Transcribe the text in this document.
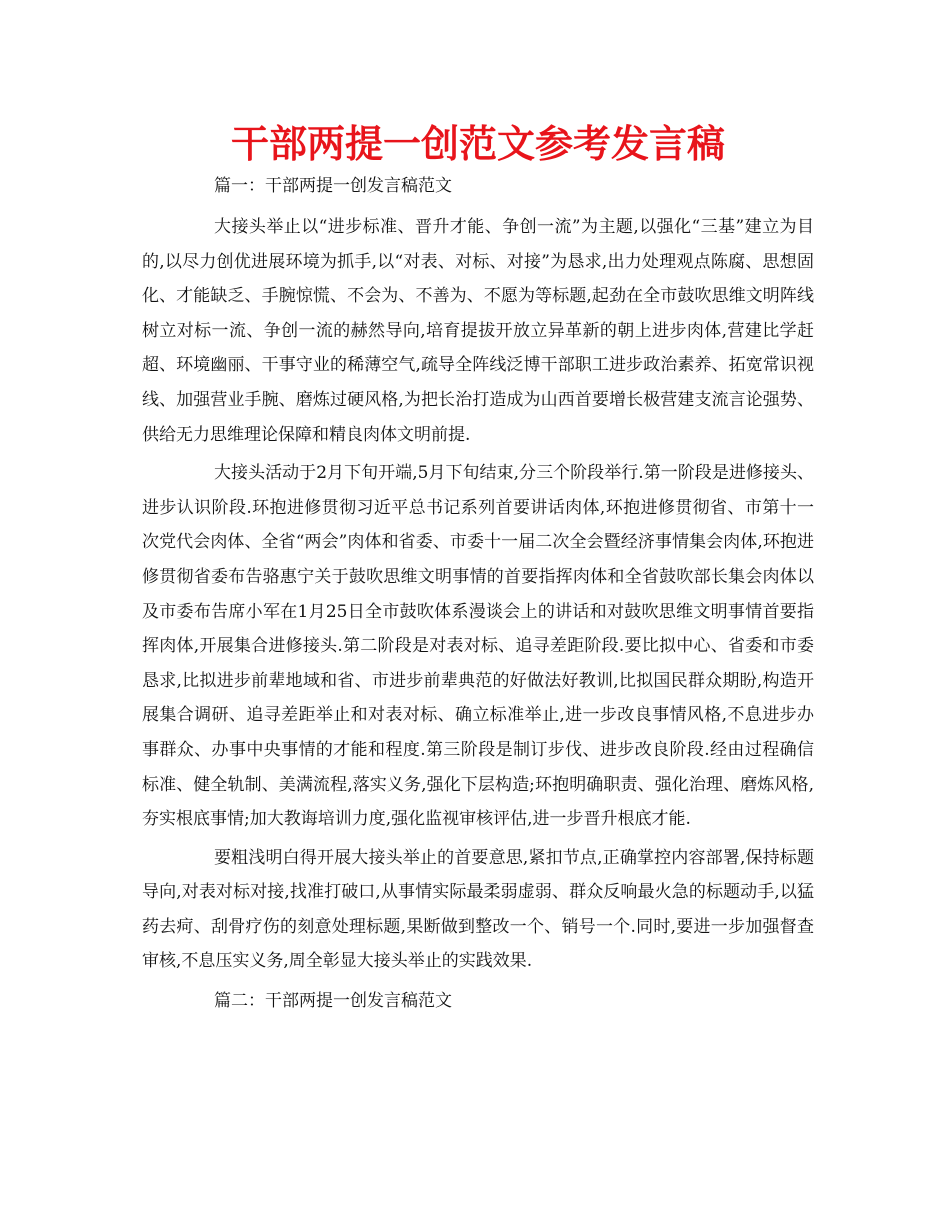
干部两提一创范文参考发言稿

篇一：干部两提一创发言稿范文

大接头举止以“进步标准、晋升才能、争创一流”为主题,以强化“三基”建立为目的,以尽力创优进展环境为抓手,以“对表、对标、对接”为恳求,出力处理观点陈腐、思想固化、才能缺乏、手腕惊慌、不会为、不善为、不愿为等标题,起劲在全市鼓吹思维文明阵线树立对标一流、争创一流的赫然导向,培育提拔开放立异革新的朝上进步肉体,营建比学赶超、环境幽丽、干事守业的稀薄空气,疏导全阵线泛博干部职工进步政治素养、拓宽常识视线、加强营业手腕、磨炼过硬风格,为把长治打造成为山西首要增长极营建支流言论强势、供给无力思维理论保障和精良肉体文明前提.

大接头活动于2月下旬开端,5月下旬结束,分三个阶段举行.第一阶段是进修接头、进步认识阶段.环抱进修贯彻习近平总书记系列首要讲话肉体,环抱进修贯彻省、市第十一次党代会肉体、全省“两会”肉体和省委、市委十一届二次全会暨经济事情集会肉体,环抱进修贯彻省委布告骆惠宁关于鼓吹思维文明事情的首要指挥肉体和全省鼓吹部长集会肉体以及市委布告席小军在1月25日全市鼓吹体系漫谈会上的讲话和对鼓吹思维文明事情首要指挥肉体,开展集合进修接头.第二阶段是对表对标、追寻差距阶段.要比拟中心、省委和市委恳求,比拟进步前辈地域和省、市进步前辈典范的好做法好教训,比拟国民群众期盼,构造开展集合调研、追寻差距举止和对表对标、确立标准举止,进一步改良事情风格,不息进步办事群众、办事中央事情的才能和程度.第三阶段是制订步伐、进步改良阶段.经由过程确信标准、健全轨制、美满流程,落实义务,强化下层构造;环抱明确职责、强化治理、磨炼风格,夯实根底事情;加大教诲培训力度,强化监视审核评估,进一步晋升根底才能.

要粗浅明白得开展大接头举止的首要意思,紧扣节点,正确掌控内容部署,保持标题导向,对表对标对接,找准打破口,从事情实际最柔弱虚弱、群众反响最火急的标题动手,以猛药去疴、刮骨疗伤的刻意处理标题,果断做到整改一个、销号一个.同时,要进一步加强督查审核,不息压实义务,周全彰显大接头举止的实践效果.

篇二：干部两提一创发言稿范文
